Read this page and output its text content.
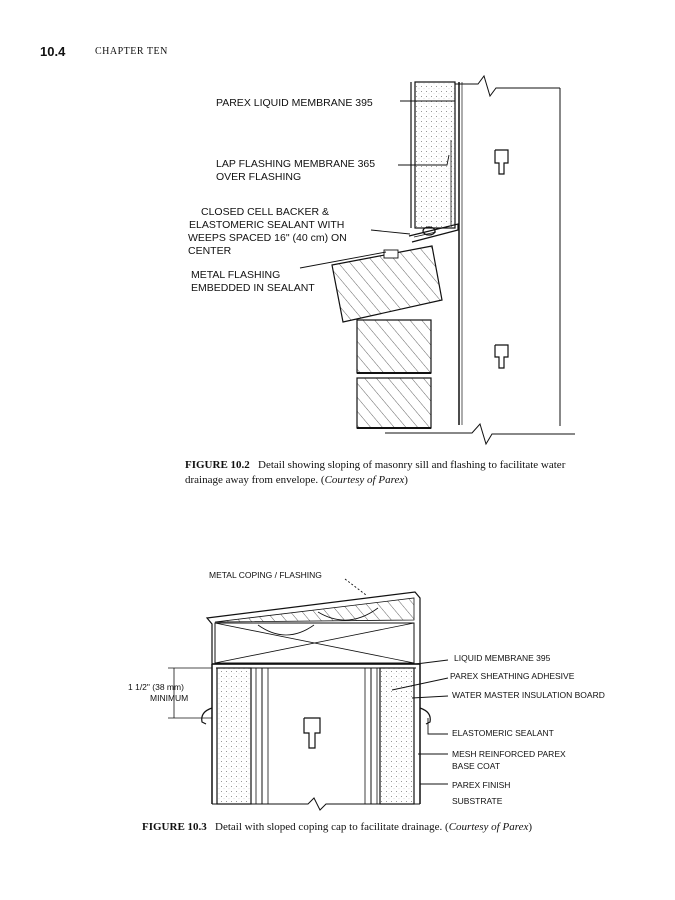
10.4	CHAPTER TEN
PAREX LIQUID MEMBRANE 395
LAP FLASHING MEMBRANE 365
OVER FLASHING
CLOSED CELL BACKER &
ELASTOMERIC SEALANT WITH
WEEPS SPACED 16" (40 cm) ON
CENTER
METAL FLASHING
EMBEDDED IN SEALANT
METAL COPING / FLASHING
1 1/2" (38 mm)
MINIMUM
LIQUID MEMBRANE 395
PAREX SHEATHING ADHESIVE
WATER MASTER INSULATION BOARD
ELASTOMERIC SEALANT
MESH REINFORCED PAREX
BASE COAT
PAREX FINISH
SUBSTRATE
FIGURE 10.2 Detail showing sloping of masonry sill and flashing to facilitate water drainage away from envelope. (Courtesy of Parex)
FIGURE 10.3 Detail with sloped coping cap to facilitate drainage. (Courtesy of Parex)
